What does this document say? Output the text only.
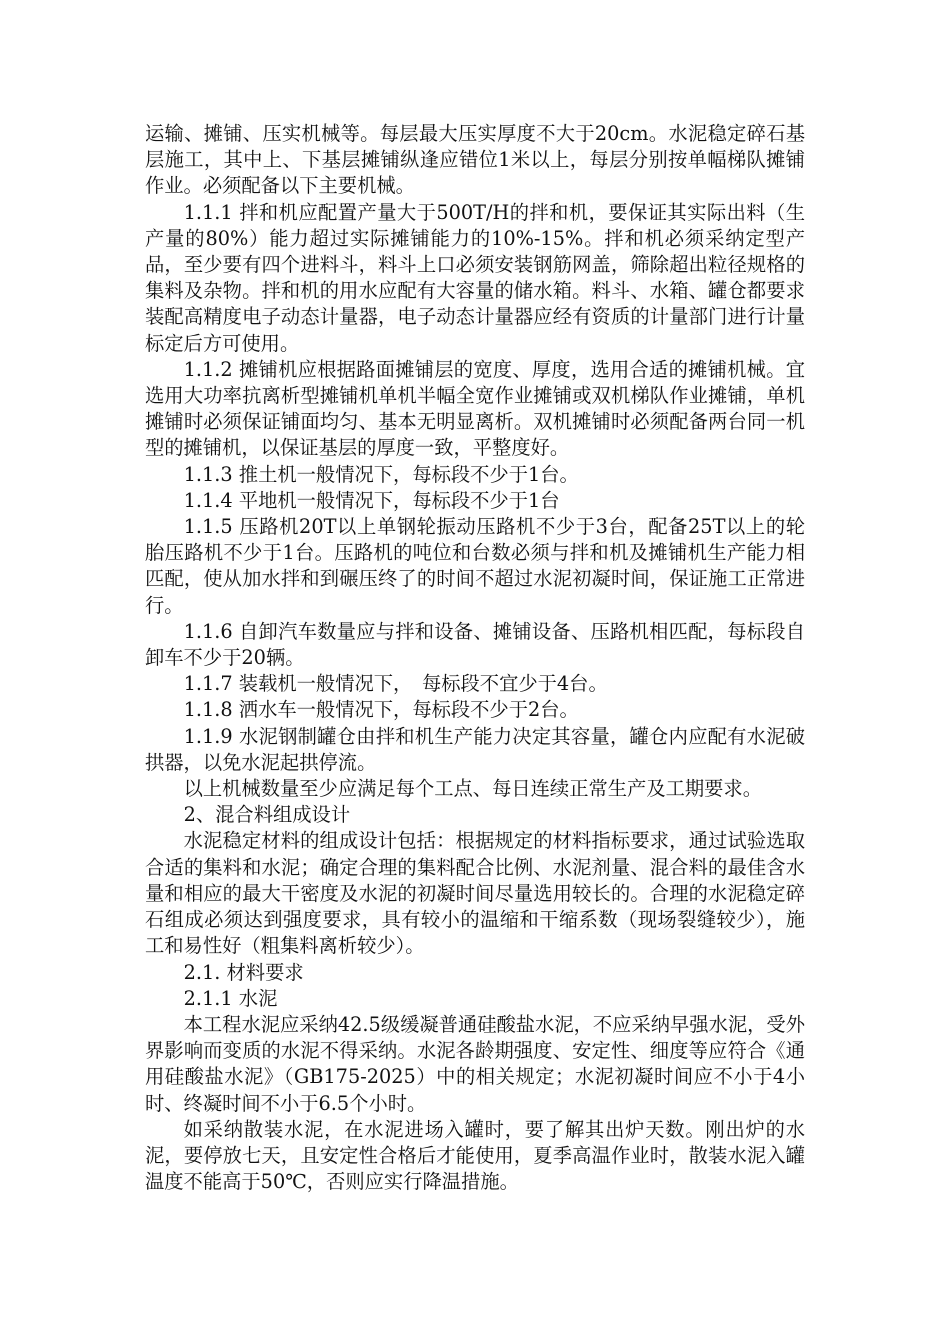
运输、摊铺、压实机械等。每层最大压实厚度不大于20cm。水泥稳定碎石基层施工，其中上、下基层摊铺纵逢应错位1米以上，每层分别按单幅梯队摊铺作业。必须配备以下主要机械。

1.1.1 拌和机应配置产量大于500T/H的拌和机，要保证其实际出料（生产量的80%）能力超过实际摊铺能力的10%-15%。拌和机必须采纳定型产品，至少要有四个进料斗，料斗上口必须安装钢筋网盖，筛除超出粒径规格的集料及杂物。拌和机的用水应配有大容量的储水箱。料斗、水箱、罐仓都要求装配高精度电子动态计量器，电子动态计量器应经有资质的计量部门进行计量标定后方可使用。

1.1.2 摊铺机应根据路面摊铺层的宽度、厚度，选用合适的摊铺机械。宜选用大功率抗离析型摊铺机单机半幅全宽作业摊铺或双机梯队作业摊铺，单机摊铺时必须保证铺面均匀、基本无明显离析。双机摊铺时必须配备两台同一机型的摊铺机，以保证基层的厚度一致，平整度好。

1.1.3 推土机一般情况下，每标段不少于1台。

1.1.4 平地机一般情况下，每标段不少于1台

1.1.5 压路机20T以上单钢轮振动压路机不少于3台，配备25T以上的轮胎压路机不少于1台。压路机的吨位和台数必须与拌和机及摊铺机生产能力相匹配，使从加水拌和到碾压终了的时间不超过水泥初凝时间，保证施工正常进行。

1.1.6 自卸汽车数量应与拌和设备、摊铺设备、压路机相匹配，每标段自卸车不少于20辆。

1.1.7 装载机一般情况下，　每标段不宜少于4台。

1.1.8 洒水车一般情况下，每标段不少于2台。

1.1.9 水泥钢制罐仓由拌和机生产能力决定其容量，罐仓内应配有水泥破拱器，以免水泥起拱停流。

以上机械数量至少应满足每个工点、每日连续正常生产及工期要求。

2、混合料组成设计

水泥稳定材料的组成设计包括：根据规定的材料指标要求，通过试验选取合适的集料和水泥；确定合理的集料配合比例、水泥剂量、混合料的最佳含水量和相应的最大干密度及水泥的初凝时间尽量选用较长的。合理的水泥稳定碎石组成必须达到强度要求，具有较小的温缩和干缩系数（现场裂缝较少），施工和易性好（粗集料离析较少）。

2.1. 材料要求

2.1.1 水泥

本工程水泥应采纳42.5级缓凝普通硅酸盐水泥，不应采纳早强水泥，受外界影响而变质的水泥不得采纳。水泥各龄期强度、安定性、细度等应符合《通用硅酸盐水泥》（GB175-2025）中的相关规定；水泥初凝时间应不小于4小时、终凝时间不小于6.5个小时。

如采纳散装水泥，在水泥进场入罐时，要了解其出炉天数。刚出炉的水泥，要停放七天，且安定性合格后才能使用，夏季高温作业时，散装水泥入罐温度不能高于50℃，否则应实行降温措施。
